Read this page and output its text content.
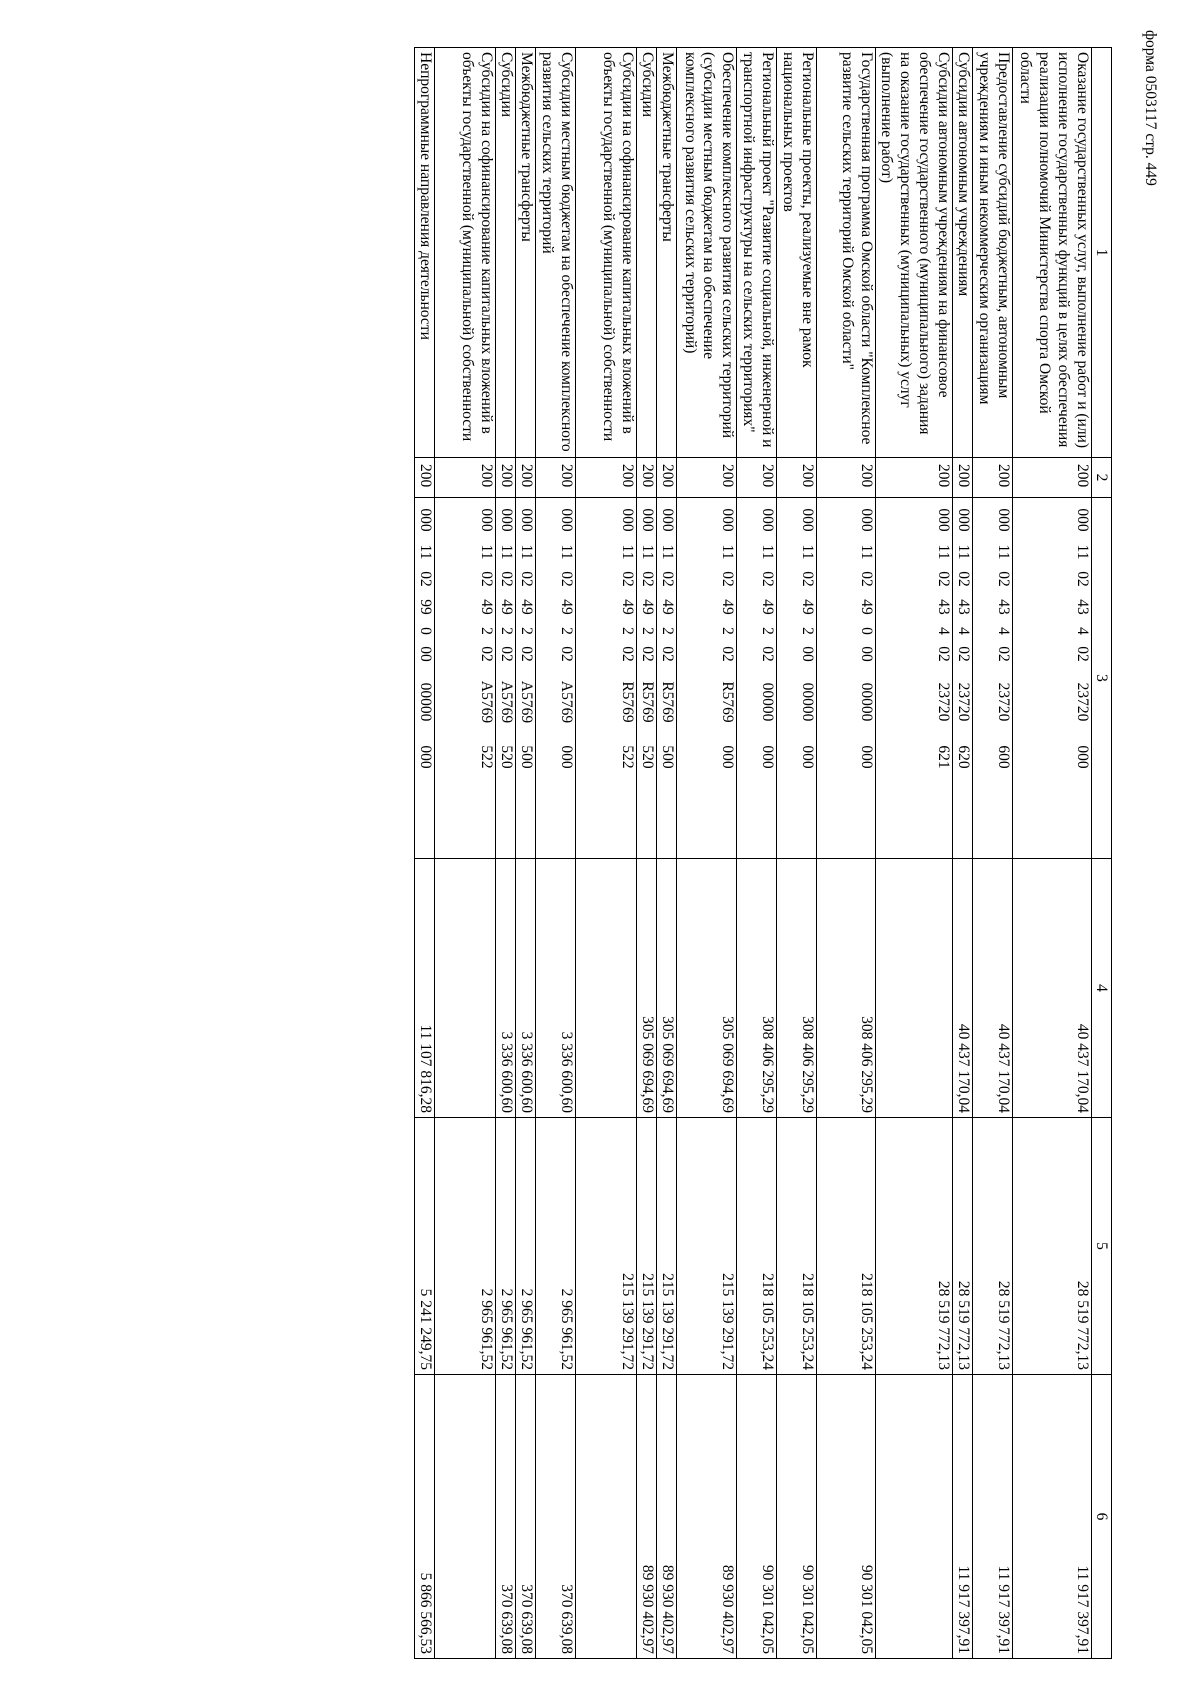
форма 0503117 стр. 449
1	2	3	4	5	6
Оказание государственных услуг, выполнение работ и (или) исполнение государственных функций в целях обеспечения реализации полномочий Министерства спорта Омской области	200	00011024340223720000	40 437 170,04	28 519 772,13	11 917 397,91
Предоставление субсидий бюджетным, автономным учреждениям и иным некоммерческим организациям	200	00011024340223720600	40 437 170,04	28 519 772,13	11 917 397,91
Субсидии автономным учреждениям	200	00011024340223720620	40 437 170,04	28 519 772,13	11 917 397,91
Субсидии автономным учреждениям на финансовое обеспечение государственного (муниципального) задания на оказание государственных (муниципальных) услуг (выполнение работ)	200	00011024340223720621		28 519 772,13	
Государственная программа Омской области "Комплексное развитие сельских территорий Омской области"	200	00011024900000000000	308 406 295,29	218 105 253,24	90 301 042,05
Региональные проекты, реализуемые вне рамок национальных проектов	200	00011024920000000000	308 406 295,29	218 105 253,24	90 301 042,05
Региональный проект "Развитие социальной, инженерной и транспортной инфраструктуры на сельских территориях"	200	00011024920200000000	308 406 295,29	218 105 253,24	90 301 042,05
Обеспечение комплексного развития сельских территорий (субсидии местным бюджетам на обеспечение комплексного развития сельских территорий)	200	000110249202R5769000	305 069 694,69	215 139 291,72	89 930 402,97
Межбюджетные трансферты	200	000110249202R5769500	305 069 694,69	215 139 291,72	89 930 402,97
Субсидии	200	000110249202R5769520	305 069 694,69	215 139 291,72	89 930 402,97
Субсидии на софинансирование капитальных вложений в объекты государственной (муниципальной) собственности	200	000110249202R5769522		215 139 291,72	
Субсидии местным бюджетам на обеспечение комплексного развития сельских территорий	200	000110249202A5769000	3 336 600,60	2 965 961,52	370 639,08
Межбюджетные трансферты	200	000110249202A5769500	3 336 600,60	2 965 961,52	370 639,08
Субсидии	200	000110249202A5769520	3 336 600,60	2 965 961,52	370 639,08
Субсидии на софинансирование капитальных вложений в объекты государственной (муниципальной) собственности	200	000110249202A5769522		2 965 961,52	
Непрограммные направления деятельности	200	00011029900000000000	11 107 816,28	5 241 249,75	5 866 566,53
